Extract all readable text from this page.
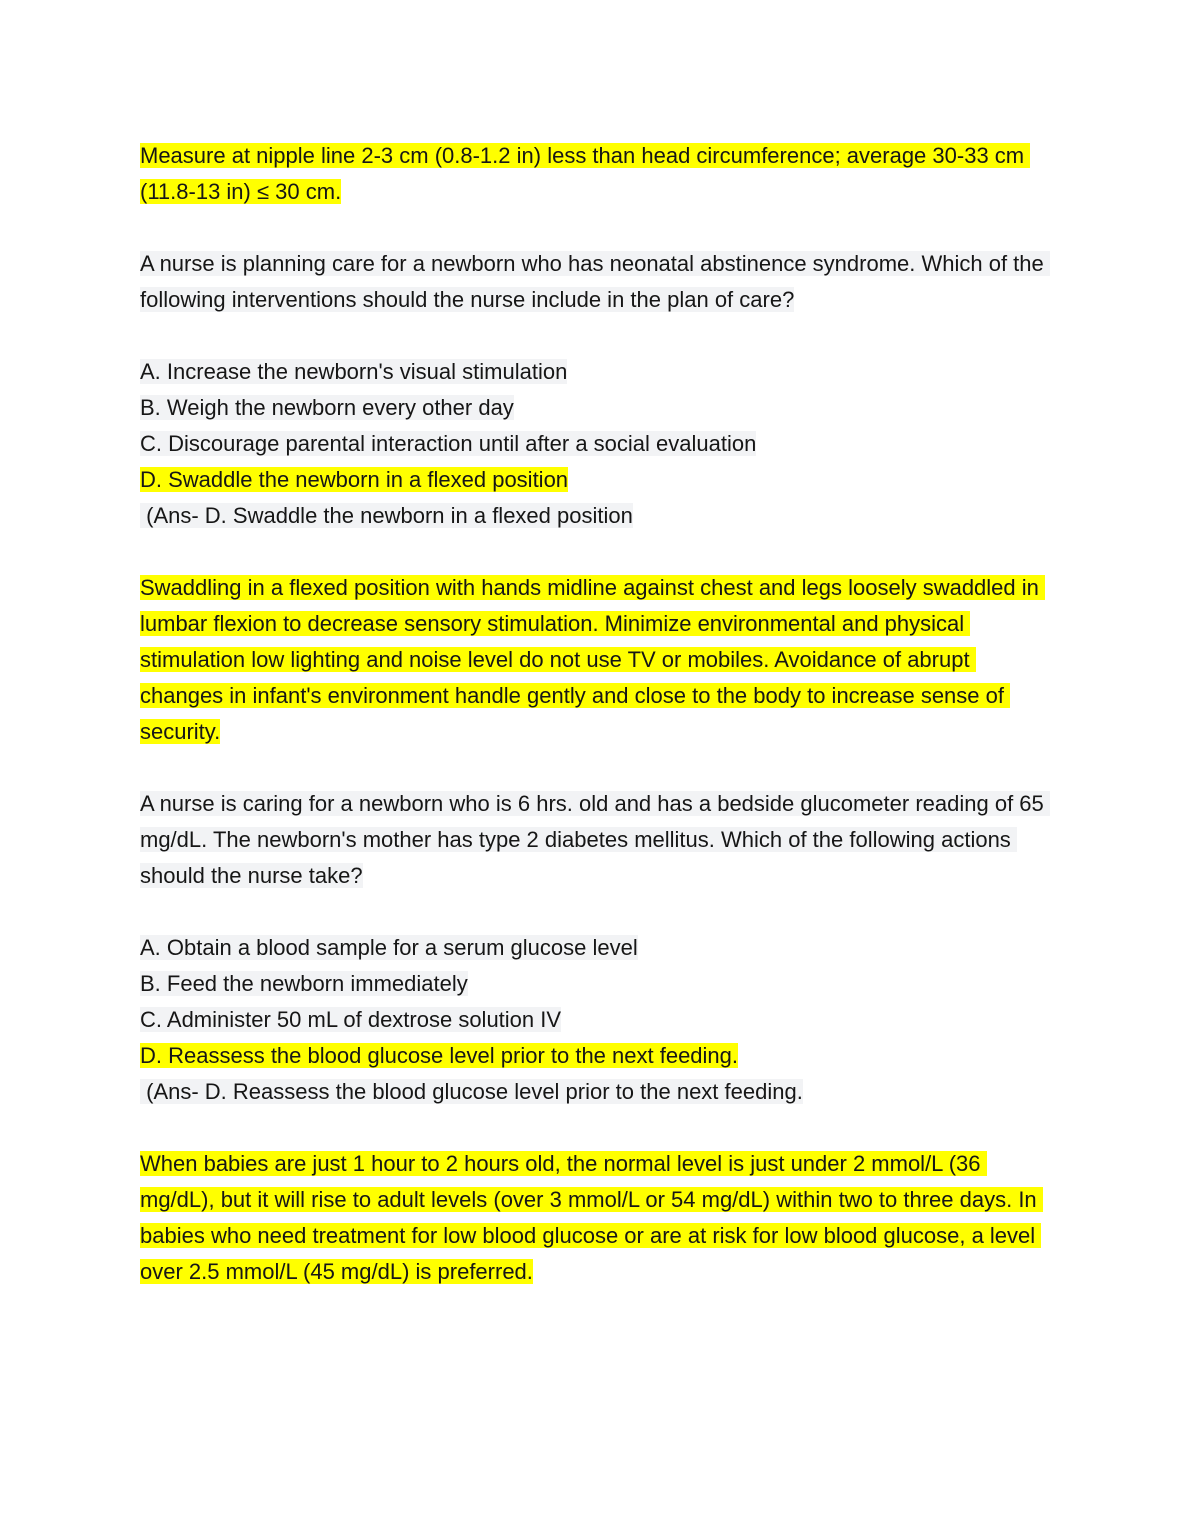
Measure at nipple line 2-3 cm (0.8-1.2 in) less than head circumference; average 30-33 cm (11.8-13 in) ≤ 30 cm.
A nurse is planning care for a newborn who has neonatal abstinence syndrome. Which of the following interventions should the nurse include in the plan of care?
A. Increase the newborn's visual stimulation
B. Weigh the newborn every other day
C. Discourage parental interaction until after a social evaluation
D. Swaddle the newborn in a flexed position
(Ans- D. Swaddle the newborn in a flexed position
Swaddling in a flexed position with hands midline against chest and legs loosely swaddled in lumbar flexion to decrease sensory stimulation. Minimize environmental and physical stimulation low lighting and noise level do not use TV or mobiles. Avoidance of abrupt changes in infant's environment handle gently and close to the body to increase sense of security.
A nurse is caring for a newborn who is 6 hrs. old and has a bedside glucometer reading of 65 mg/dL. The newborn's mother has type 2 diabetes mellitus. Which of the following actions should the nurse take?
A. Obtain a blood sample for a serum glucose level
B. Feed the newborn immediately
C. Administer 50 mL of dextrose solution IV
D. Reassess the blood glucose level prior to the next feeding.
(Ans- D. Reassess the blood glucose level prior to the next feeding.
When babies are just 1 hour to 2 hours old, the normal level is just under 2 mmol/L (36 mg/dL), but it will rise to adult levels (over 3 mmol/L or 54 mg/dL) within two to three days. In babies who need treatment for low blood glucose or are at risk for low blood glucose, a level over 2.5 mmol/L (45 mg/dL) is preferred.
